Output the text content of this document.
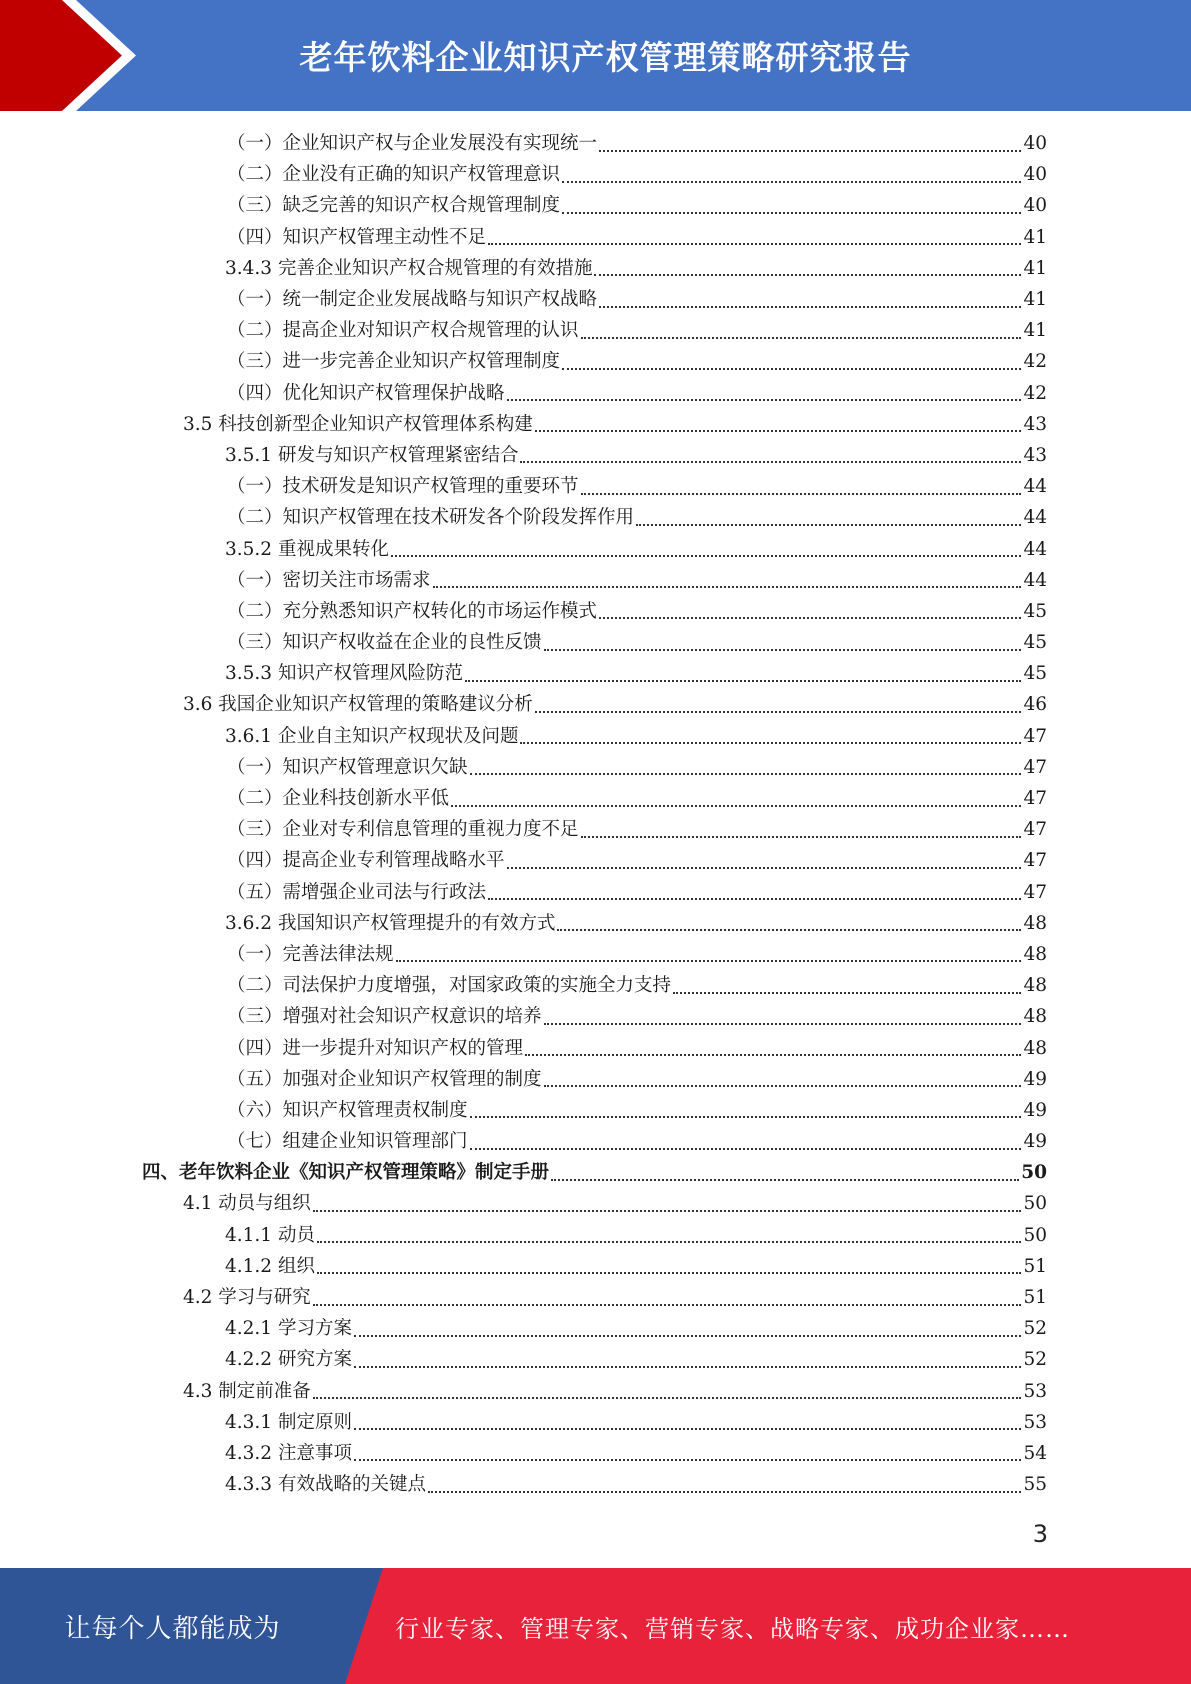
老年饮料企业知识产权管理策略研究报告
（一）企业知识产权与企业发展没有实现统一	40
（二）企业没有正确的知识产权管理意识	40
（三）缺乏完善的知识产权合规管理制度	40
（四）知识产权管理主动性不足	41
3.4.3 完善企业知识产权合规管理的有效措施	41
（一）统一制定企业发展战略与知识产权战略	41
（二）提高企业对知识产权合规管理的认识	41
（三）进一步完善企业知识产权管理制度	42
（四）优化知识产权管理保护战略	42
3.5 科技创新型企业知识产权管理体系构建	43
3.5.1 研发与知识产权管理紧密结合	43
（一）技术研发是知识产权管理的重要环节	44
（二）知识产权管理在技术研发各个阶段发挥作用	44
3.5.2 重视成果转化	44
（一）密切关注市场需求	44
（二）充分熟悉知识产权转化的市场运作模式	45
（三）知识产权收益在企业的良性反馈	45
3.5.3 知识产权管理风险防范	45
3.6 我国企业知识产权管理的策略建议分析	46
3.6.1 企业自主知识产权现状及问题	47
（一）知识产权管理意识欠缺	47
（二）企业科技创新水平低	47
（三）企业对专利信息管理的重视力度不足	47
（四）提高企业专利管理战略水平	47
（五）需增强企业司法与行政法	47
3.6.2 我国知识产权管理提升的有效方式	48
（一）完善法律法规	48
（二）司法保护力度增强，对国家政策的实施全力支持	48
（三）增强对社会知识产权意识的培养	48
（四）进一步提升对知识产权的管理	48
（五）加强对企业知识产权管理的制度	49
（六）知识产权管理责权制度	49
（七）组建企业知识管理部门	49
四、老年饮料企业《知识产权管理策略》制定手册	50
4.1 动员与组织	50
4.1.1 动员	50
4.1.2 组织	51
4.2 学习与研究	51
4.2.1 学习方案	52
4.2.2 研究方案	52
4.3 制定前准备	53
4.3.1 制定原则	53
4.3.2 注意事项	54
4.3.3 有效战略的关键点	55
3
让每个人都能成为	行业专家、管理专家、营销专家、战略专家、成功企业家……
